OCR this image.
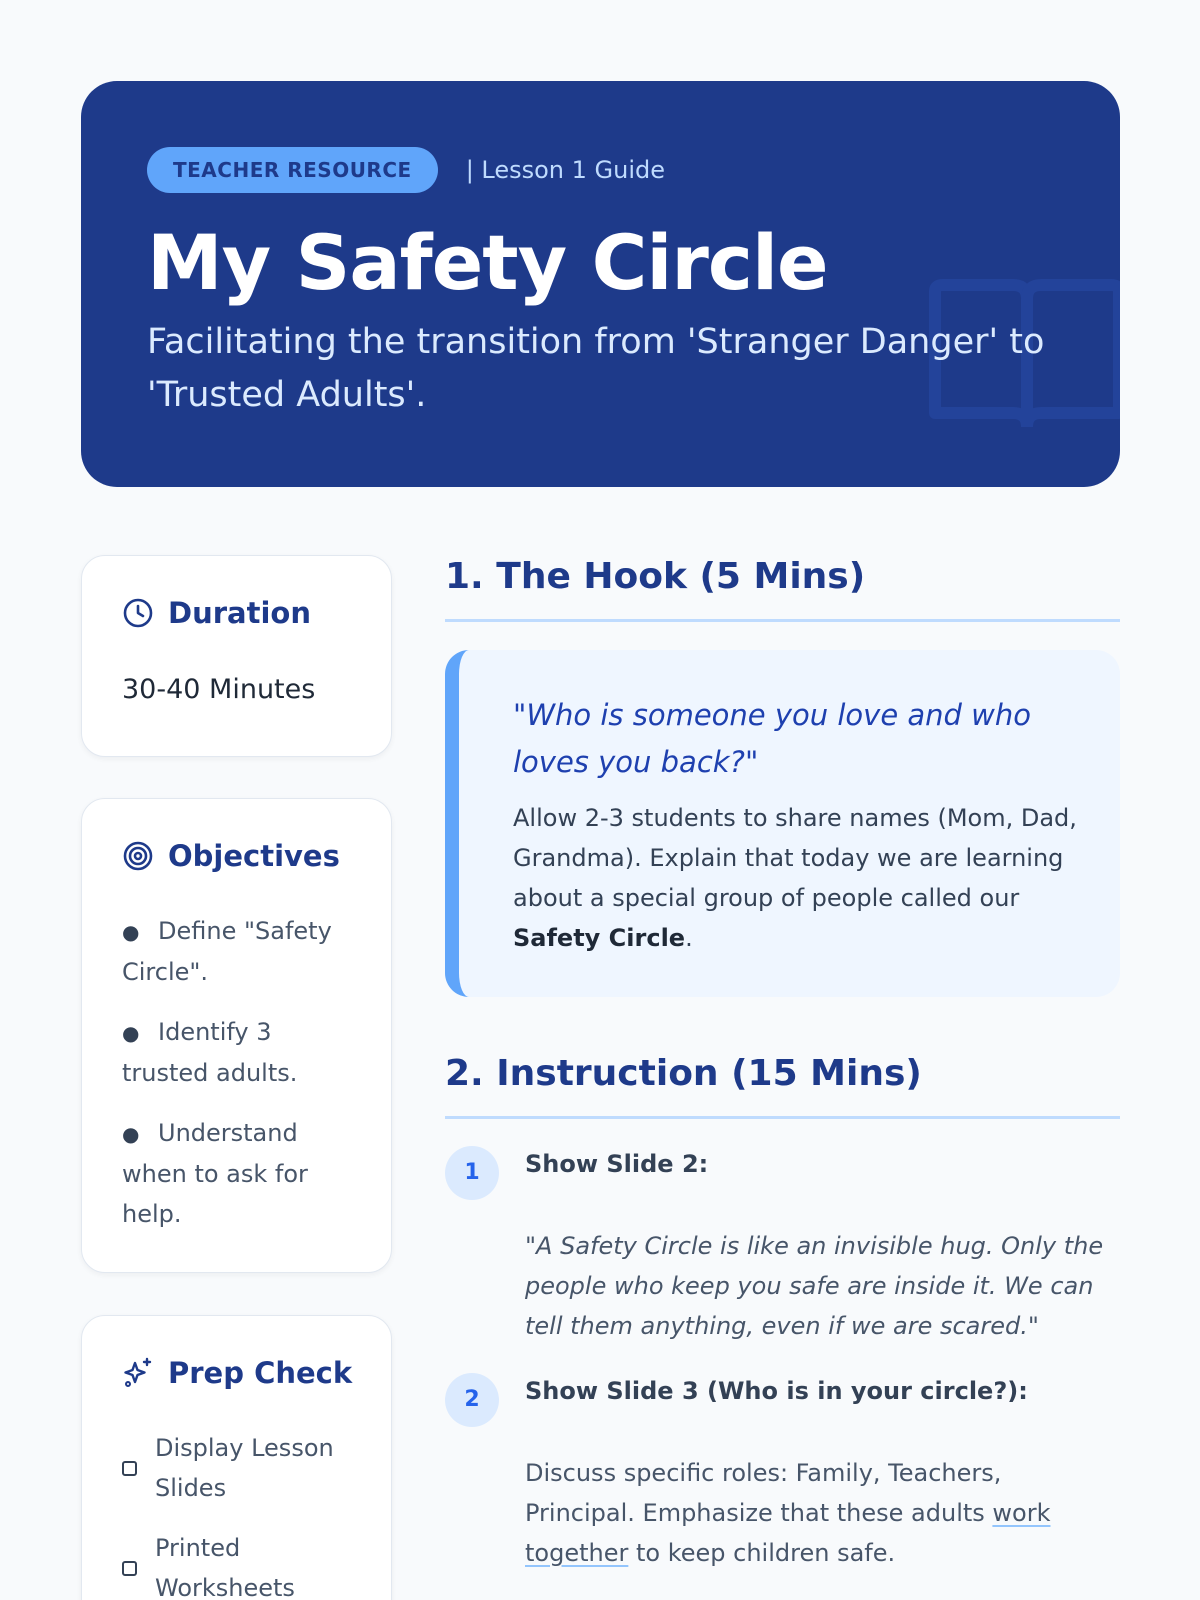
TEACHER RESOURCE	| Lesson 1 Guide
My Safety Circle

Facilitating the transition from 'Stranger Danger' to 'Trusted Adults'.

Duration
30-40 Minutes
Objectives
● Define "Safety Circle".
● Identify 3 trusted adults.
● Understand when to ask for help.
Prep Check
Display Lesson Slides
Printed Worksheets
1. The Hook (5 Mins)

"Who is someone you love and who loves you back?"

Allow 2-3 students to share names (Mom, Dad, Grandma). Explain that today we are learning about a special group of people called our Safety Circle.

2. Instruction (15 Mins)
1	Show Slide 2:

"A Safety Circle is like an invisible hug. Only the people who keep you safe are inside it. We can tell them anything, even if we are scared."

2	Show Slide 3 (Who is in your circle?):

Discuss specific roles: Family, Teachers, Principal. Emphasize that these adults work together to keep children safe.
